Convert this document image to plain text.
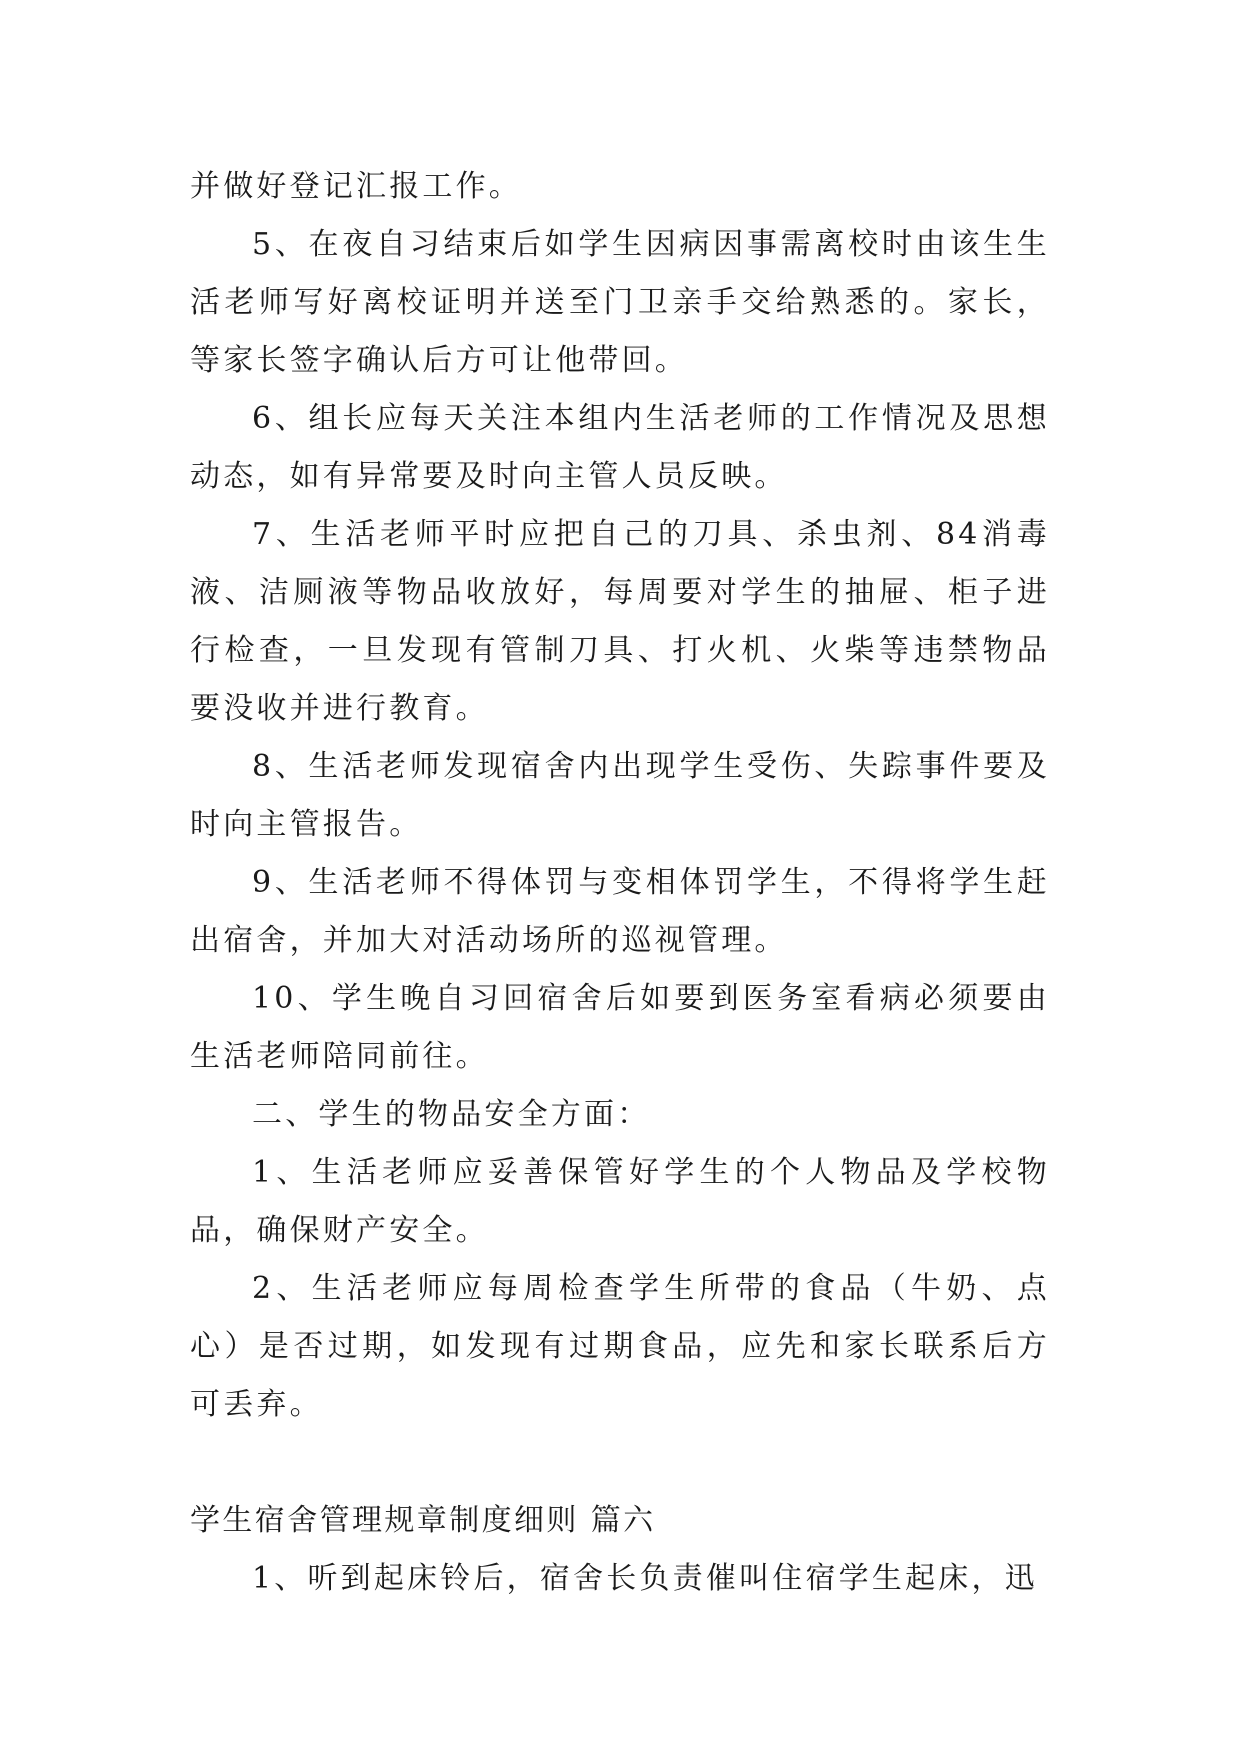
并做好登记汇报工作。

5、在夜自习结束后如学生因病因事需离校时由该生生活老师写好离校证明并送至门卫亲手交给熟悉的。家长，等家长签字确认后方可让他带回。

6、组长应每天关注本组内生活老师的工作情况及思想动态，如有异常要及时向主管人员反映。

7、生活老师平时应把自己的刀具、杀虫剂、84消毒液、洁厕液等物品收放好，每周要对学生的抽屉、柜子进行检查，一旦发现有管制刀具、打火机、火柴等违禁物品要没收并进行教育。

8、生活老师发现宿舍内出现学生受伤、失踪事件要及时向主管报告。

9、生活老师不得体罚与变相体罚学生，不得将学生赶出宿舍，并加大对活动场所的巡视管理。

10、学生晚自习回宿舍后如要到医务室看病必须要由生活老师陪同前往。

二、学生的物品安全方面：

1、生活老师应妥善保管好学生的个人物品及学校物品，确保财产安全。

2、生活老师应每周检查学生所带的食品（牛奶、点心）是否过期，如发现有过期食品，应先和家长联系后方可丢弃。

学生宿舍管理规章制度细则 篇六

1、听到起床铃后，宿舍长负责催叫住宿学生起床，迅
